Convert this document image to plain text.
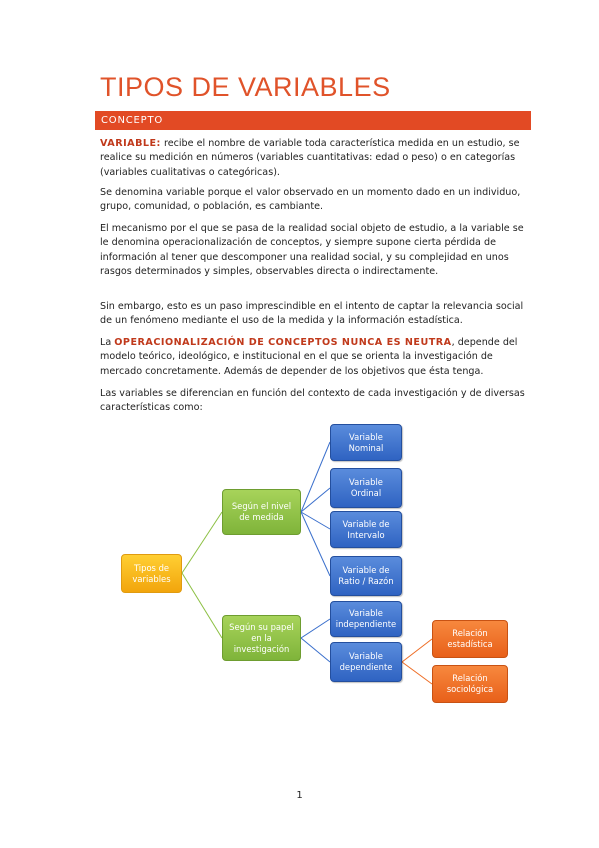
TIPOS DE VARIABLES
CONCEPTO

VARIABLE: recibe el nombre de variable toda característica medida en un estudio, se realice su medición en números (variables cuantitativas: edad o peso) o en categorías (variables cualitativas o categóricas).

Se denomina variable porque el valor observado en un momento dado en un individuo, grupo, comunidad, o población, es cambiante.

El mecanismo por el que se pasa de la realidad social objeto de estudio, a la variable se le denomina operacionalización de conceptos, y siempre supone cierta pérdida de información al tener que descomponer una realidad social, y su complejidad en unos rasgos determinados y simples, observables directa o indirectamente.

Sin embargo, esto es un paso imprescindible en el intento de captar la relevancia social de un fenómeno mediante el uso de la medida y la información estadística.

La OPERACIONALIZACIÓN DE CONCEPTOS NUNCA ES NEUTRA, depende del modelo teórico, ideológico, e institucional en el que se orienta la investigación de mercado concretamente. Además de depender de los objetivos que ésta tenga.

Las variables se diferencian en función del contexto de cada investigación y de diversas características como:

Tipos de variables
Según el nivel de medida
Según su papel en la investigación
Variable Nominal
Variable Ordinal
Variable de Intervalo
Variable de Ratio / Razón
Variable independiente
Variable dependiente
Relación estadística
Relación sociológica
1
